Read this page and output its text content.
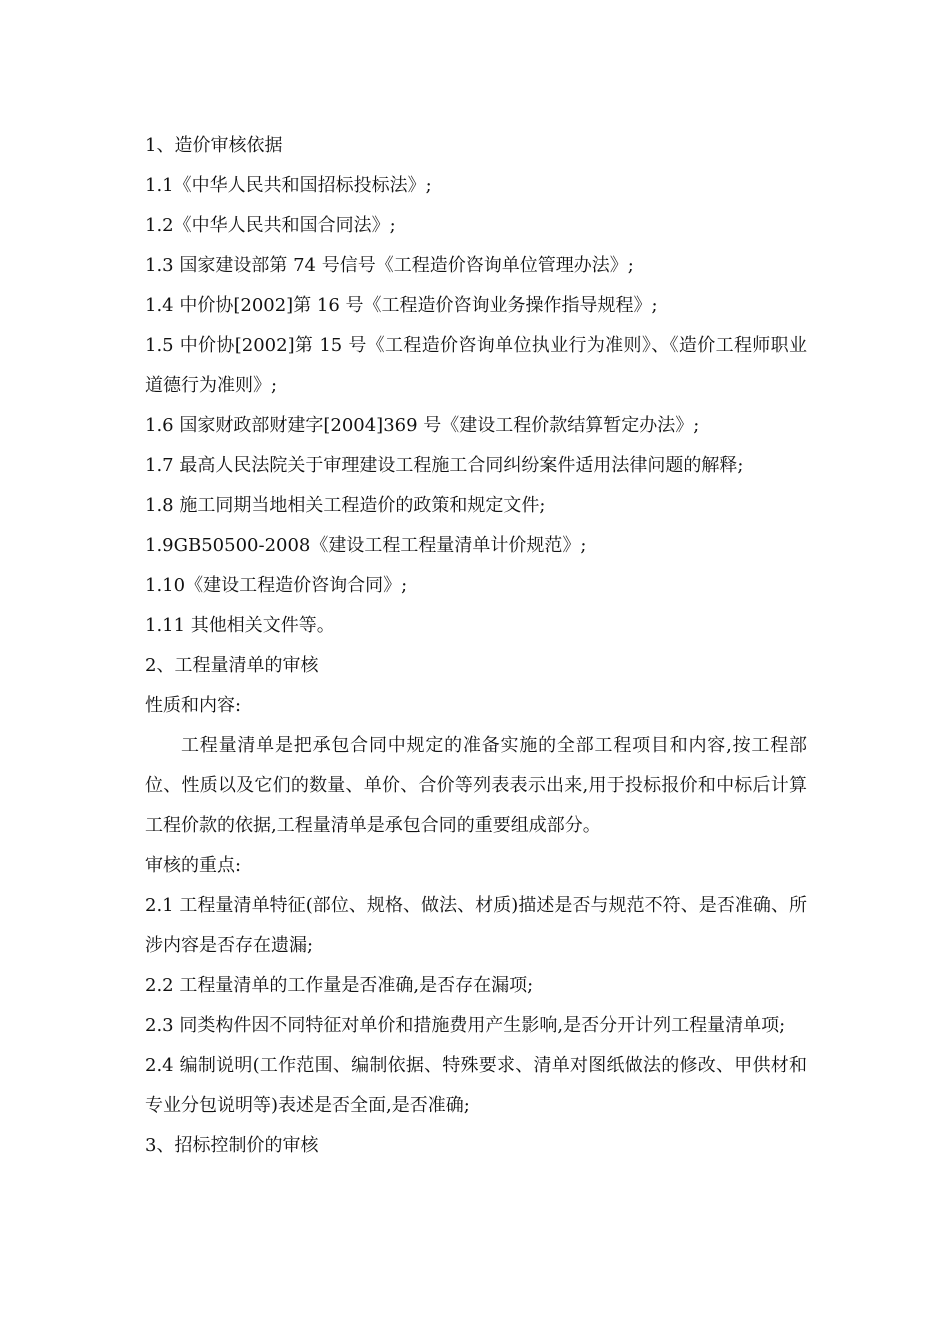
1、造价审核依据

1.1《中华人民共和国招标投标法》;

1.2《中华人民共和国合同法》;

1.3 国家建设部第 74 号信号《工程造价咨询单位管理办法》;

1.4 中价协[2002]第 16 号《工程造价咨询业务操作指导规程》;

1.5 中价协[2002]第 15 号《工程造价咨询单位执业行为准则》、《造价工程师职业道德行为准则》;

1.6 国家财政部财建字[2004]369 号《建设工程价款结算暂定办法》;

1.7 最高人民法院关于审理建设工程施工合同纠纷案件适用法律问题的解释;

1.8 施工同期当地相关工程造价的政策和规定文件;

1.9GB50500-2008《建设工程工程量清单计价规范》;

1.10《建设工程造价咨询合同》;

1.11 其他相关文件等。

2、工程量清单的审核

性质和内容:

工程量清单是把承包合同中规定的准备实施的全部工程项目和内容,按工程部位、性质以及它们的数量、单价、合价等列表表示出来,用于投标报价和中标后计算工程价款的依据,工程量清单是承包合同的重要组成部分。

审核的重点:

2.1 工程量清单特征(部位、规格、做法、材质)描述是否与规范不符、是否准确、所涉内容是否存在遗漏;

2.2 工程量清单的工作量是否准确,是否存在漏项;

2.3 同类构件因不同特征对单价和措施费用产生影响,是否分开计列工程量清单项;

2.4 编制说明(工作范围、编制依据、特殊要求、清单对图纸做法的修改、甲供材和专业分包说明等)表述是否全面,是否准确;

3、招标控制价的审核
